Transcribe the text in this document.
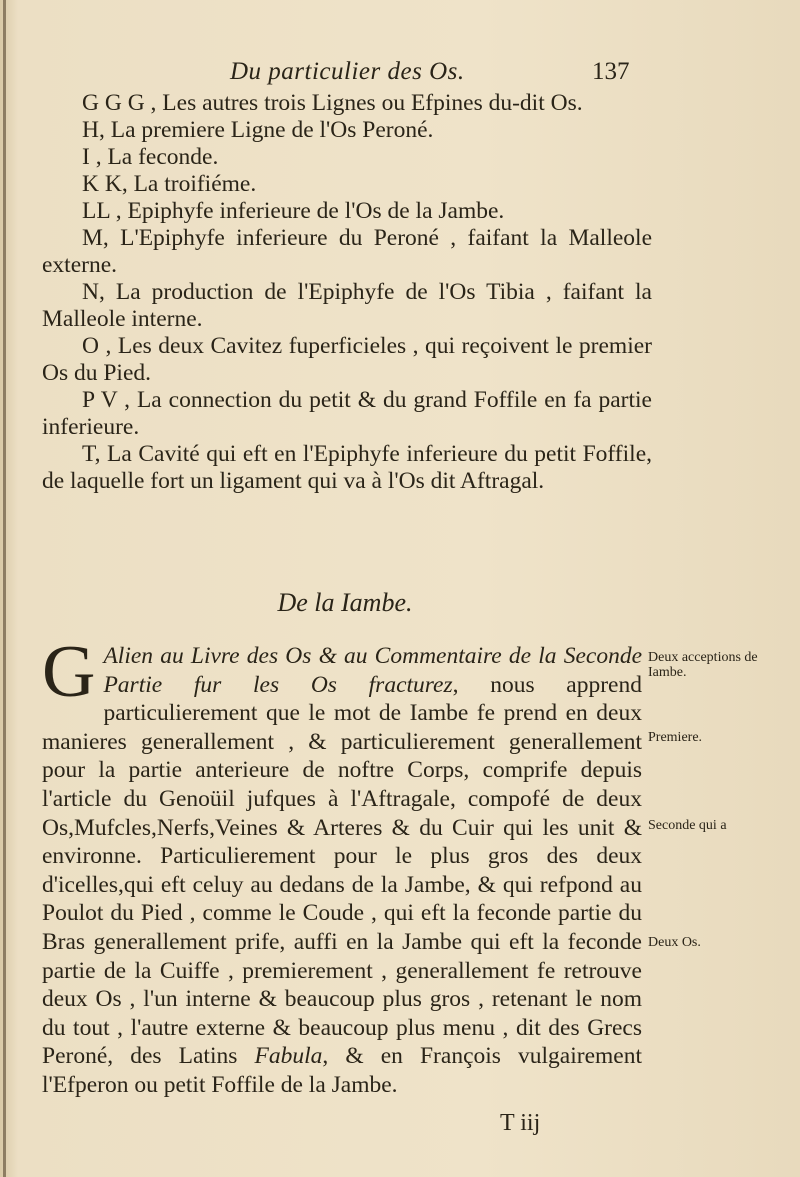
Du particulier des Os.	137

G G G , Les autres trois Lignes ou Efpines du-dit Os.

H, La premiere Ligne de l'Os Peroné.

I , La feconde.

K K, La troifiéme.

LL , Epiphyfe inferieure de l'Os de la Jambe.

M, L'Epiphyfe inferieure du Peroné , faifant la Malleole externe.

N, La production de l'Epiphyfe de l'Os Tibia , faifant la Malleole interne.

O , Les deux Cavitez fuperficieles , qui reçoivent le premier Os du Pied.

P V , La connection du petit & du grand Foffile en fa partie inferieure.

T, La Cavité qui eft en l'Epiphyfe inferieure du petit Foffile, de laquelle fort un ligament qui va à l'Os dit Aftragal.

De la Iambe.
G Alien au Livre des Os & au Commentaire de la Seconde Partie fur les Os fracturez, nous apprend particulierement que le mot de Iambe fe prend en deux manieres generallement , & particulierement generallement pour la partie anterieure de noftre Corps, comprife depuis l'article du Genoüil jufques à l'Aftragale, compofé de deux Os,Mufcles,Nerfs,Veines & Arteres & du Cuir qui les unit & environne. Particulierement pour le plus gros des deux d'icelles,qui eft celuy au dedans de la Jambe, & qui refpond au Poulot du Pied , comme le Coude , qui eft la feconde partie du Bras generallement prife, auffi en la Jambe qui eft la feconde partie de la Cuiffe , premierement , generallement fe retrouve deux Os , l'un interne & beaucoup plus gros , retenant le nom du tout , l'autre externe & beaucoup plus menu , dit des Grecs Peroné, des Latins Fabula, & en François vulgairement l'Efperon ou petit Foffile de la Jambe.
Deux acceptions de Iambe.
Premiere.
Seconde qui a
Deux Os.
T iij
